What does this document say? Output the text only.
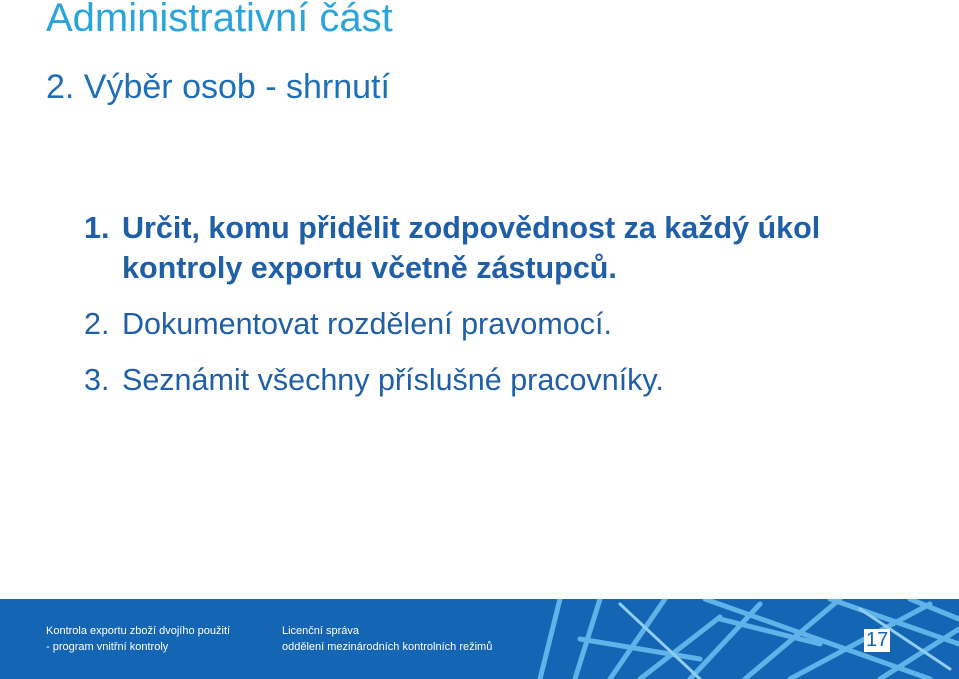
Administrativní část
2. Výběr osob - shrnutí
1. Určit, komu přidělit zodpovědnost za každý úkol kontroly exportu včetně zástupců.
2. Dokumentovat rozdělení pravomocí.
3. Seznámit všechny příslušné pracovníky.
Kontrola exportu zboží dvojího použití
- program vnitřní kontroly
Licenční správa
oddělení mezinárodních kontrolních režimů	17
